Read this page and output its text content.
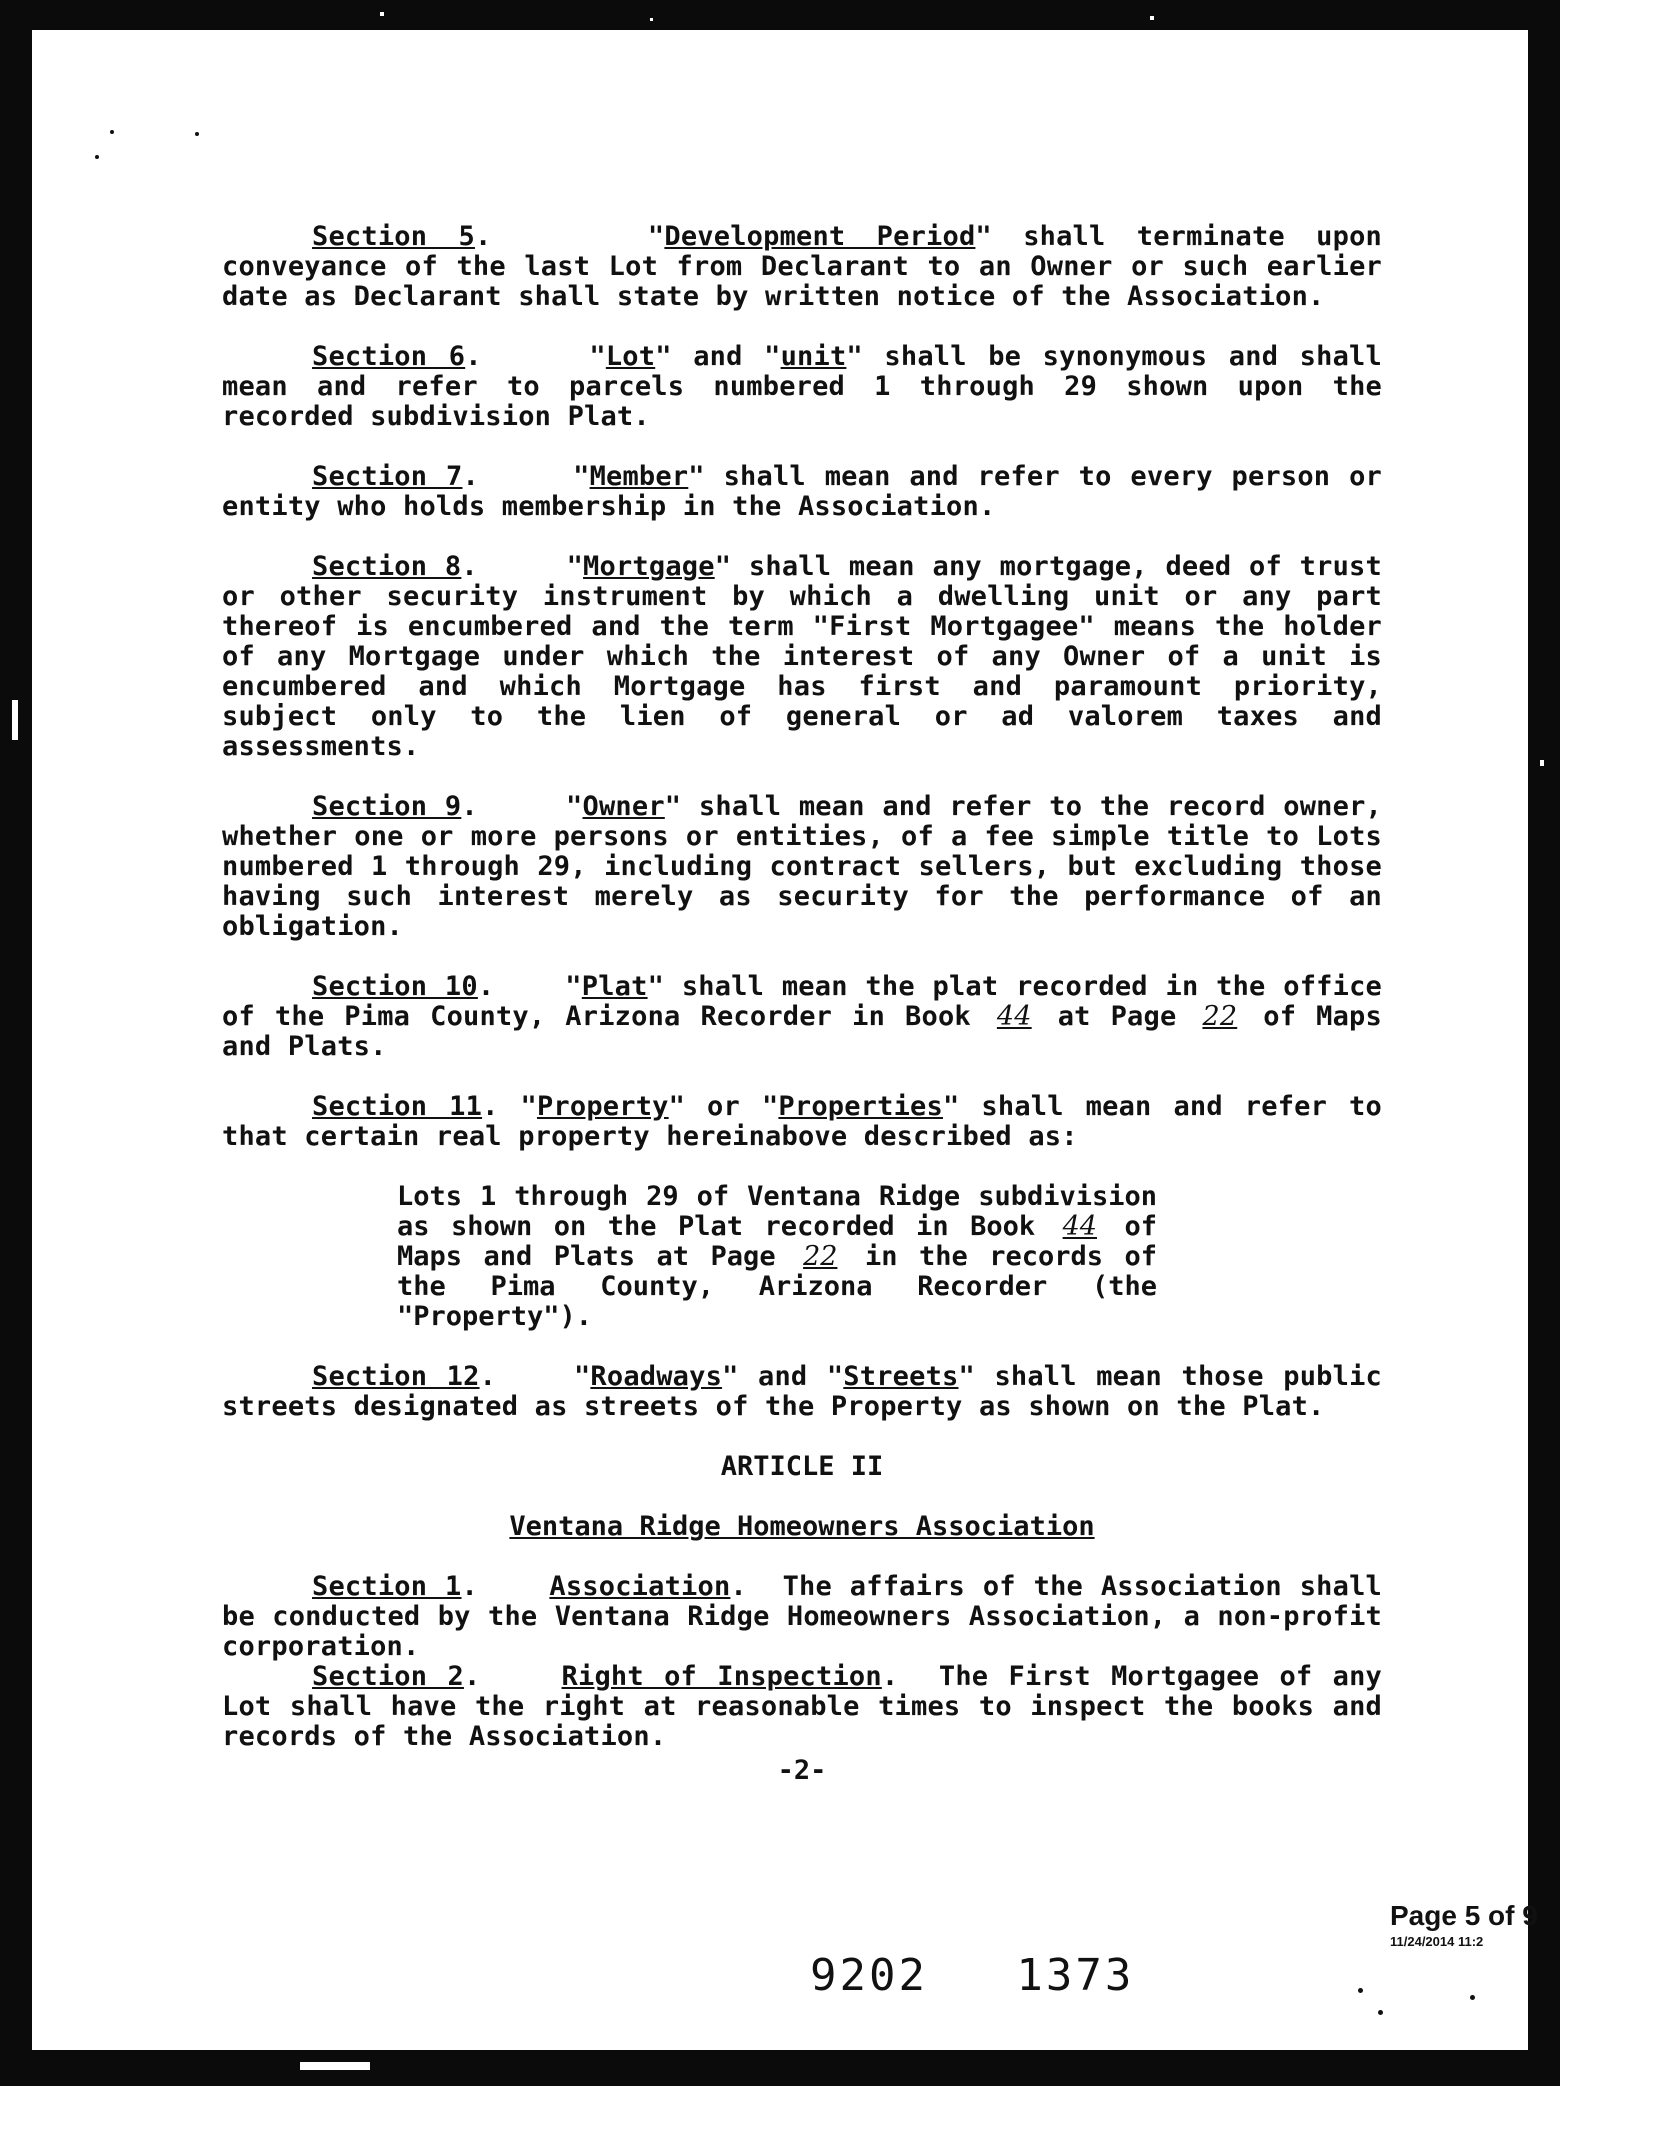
Section 5.     "Development Period" shall terminate upon conveyance of the last Lot from Declarant to an Owner or such earlier date as Declarant shall state by written notice of the Association.

Section 6.     "Lot" and "unit" shall be synonymous and shall mean and refer to parcels numbered 1 through 29 shown upon the recorded subdivision Plat.

Section 7.     "Member" shall mean and refer to every person or entity who holds membership in the Association.

Section 8.     "Mortgage" shall mean any mortgage, deed of trust or other security instrument by which a dwelling unit or any part thereof is encumbered and the term "First Mortgagee" means the holder of any Mortgage under which the interest of any Owner of a unit is encumbered and which Mortgage has first and paramount priority, subject only to the lien of general or ad valorem taxes and assessments.

Section 9.     "Owner" shall mean and refer to the record owner, whether one or more persons or entities, of a fee simple title to Lots numbered 1 through 29, including contract sellers, but excluding those having such interest merely as security for the performance of an obligation.

Section 10.    "Plat" shall mean the plat recorded in the office of the Pima County, Arizona Recorder in Book 44 at Page 22 of Maps and Plats.

Section 11. "Property" or "Properties" shall mean and refer to that certain real property hereinabove described as:

Lots 1 through 29 of Ventana Ridge subdivision as shown on the Plat recorded in Book 44 of Maps and Plats at Page 22 in the records of the Pima County, Arizona Recorder (the "Property").

Section 12.    "Roadways" and "Streets" shall mean those public streets designated as streets of the Property as shown on the Plat.

ARTICLE II

Ventana Ridge Homeowners Association

Section 1.    Association.  The affairs of the Association shall be conducted by the Ventana Ridge Homeowners Association, a non-profit corporation.

Section 2.    Right of Inspection.  The First Mortgagee of any Lot shall have the right at reasonable times to inspect the books and records of the Association.

-2-

Page 5 of 9
11/24/2014 11:2
9202   1373
